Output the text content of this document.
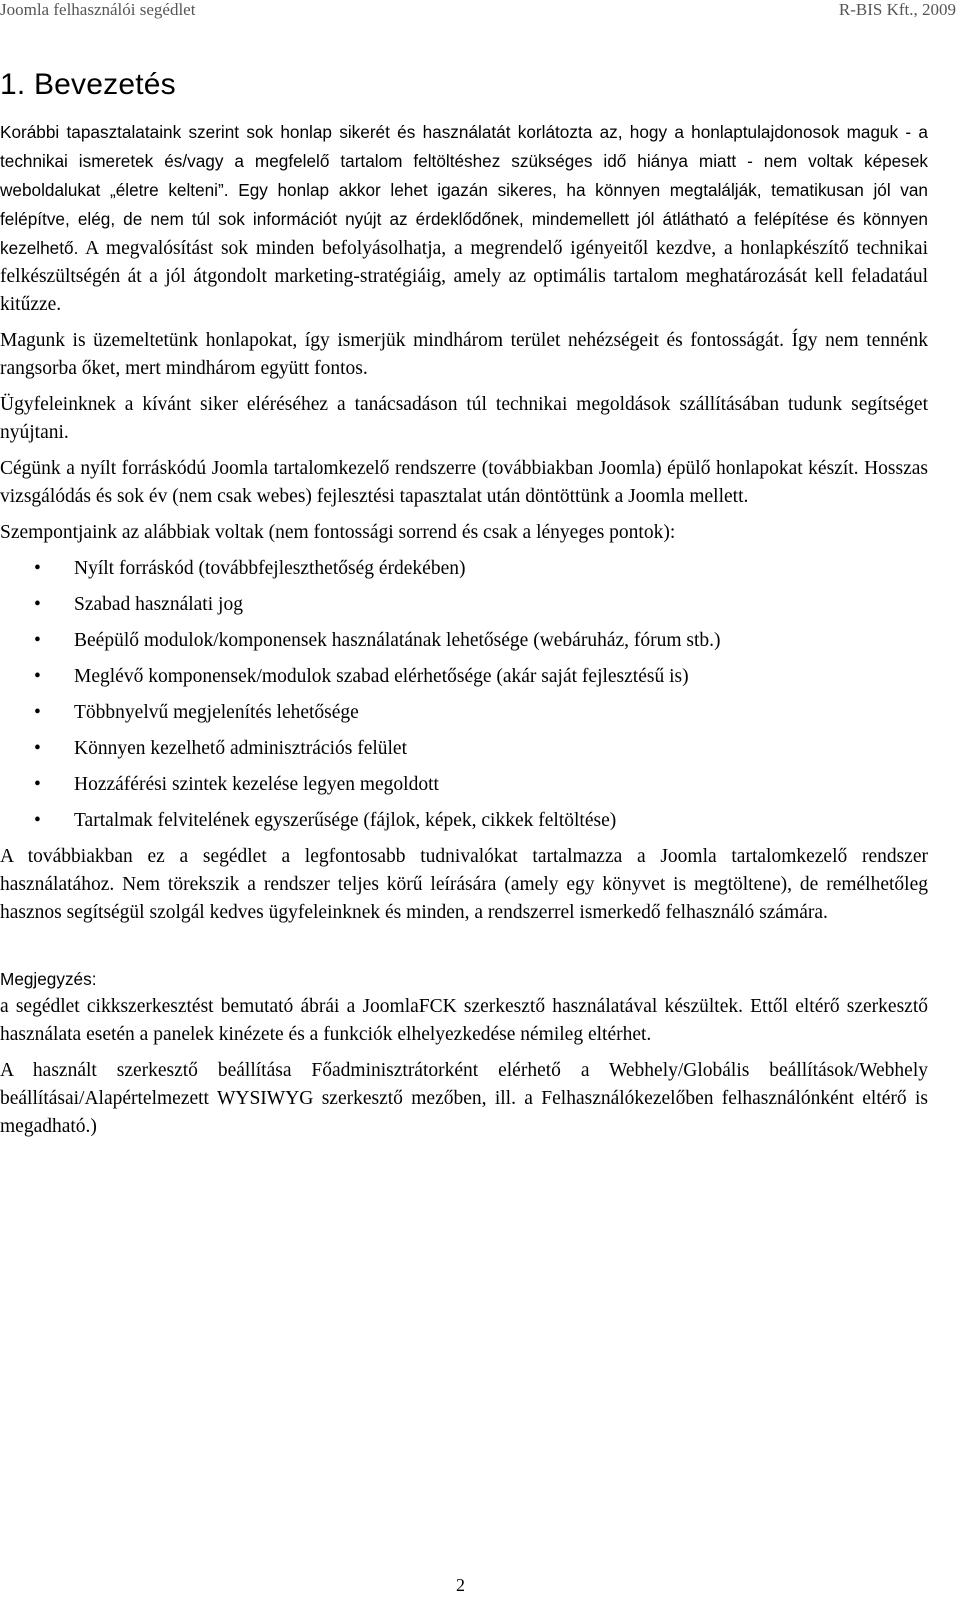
Joomla felhasználói segédlet	R-BIS Kft., 2009
1. Bevezetés

Korábbi tapasztalataink szerint sok honlap sikerét és használatát korlátozta az, hogy a honlaptulajdonosok maguk - a technikai ismeretek és/vagy a megfelelő tartalom feltöltéshez szükséges idő hiánya miatt - nem voltak képesek weboldalukat „életre kelteni”. Egy honlap akkor lehet igazán sikeres, ha könnyen megtalálják, tematikusan jól van felépítve, elég, de nem túl sok információt nyújt az érdeklődőnek, mindemellett jól átlátható a felépítése és könnyen kezelhető. A megvalósítást sok minden befolyásolhatja, a megrendelő igényeitől kezdve, a honlapkészítő technikai felkészültségén át a jól átgondolt marketing-stratégiáig, amely az optimális tartalom meghatározását kell feladatául kitűzze.

Magunk is üzemeltetünk honlapokat, így ismerjük mindhárom terület nehézségeit és fontosságát. Így nem tennénk rangsorba őket, mert mindhárom együtt fontos.

Ügyfeleinknek a kívánt siker eléréséhez a tanácsadáson túl technikai megoldások szállításában tudunk segítséget nyújtani.

Cégünk a nyílt forráskódú Joomla tartalomkezelő rendszerre (továbbiakban Joomla) épülő honlapokat készít. Hosszas vizsgálódás és sok év (nem csak webes) fejlesztési tapasztalat után döntöttünk a Joomla mellett.

Szempontjaink az alábbiak voltak (nem fontossági sorrend és csak a lényeges pontok):

• Nyílt forráskód (továbbfejleszthetőség érdekében)
• Szabad használati jog
• Beépülő modulok/komponensek használatának lehetősége (webáruház, fórum stb.)
• Meglévő komponensek/modulok szabad elérhetősége (akár saját fejlesztésű is)
• Többnyelvű megjelenítés lehetősége
• Könnyen kezelhető adminisztrációs felület
• Hozzáférési szintek kezelése legyen megoldott
• Tartalmak felvitelének egyszerűsége (fájlok, képek, cikkek feltöltése)

A továbbiakban ez a segédlet a legfontosabb tudnivalókat tartalmazza a Joomla tartalomkezelő rendszer használatához. Nem törekszik a rendszer teljes körű leírására (amely egy könyvet is megtöltene), de remélhetőleg hasznos segítségül szolgál kedves ügyfeleinknek és minden, a rendszerrel ismerkedő felhasználó számára.

Megjegyzés:

a segédlet cikkszerkesztést bemutató ábrái a JoomlaFCK szerkesztő használatával készültek. Ettől eltérő szerkesztő használata esetén a panelek kinézete és a funkciók elhelyezkedése némileg eltérhet.

A használt szerkesztő beállítása Főadminisztrátorként elérhető a Webhely/Globális beállítások/Webhely beállításai/Alapértelmezett WYSIWYG szerkesztő mezőben, ill. a Felhasználókezelőben felhasználónként eltérő is megadható.)

2
